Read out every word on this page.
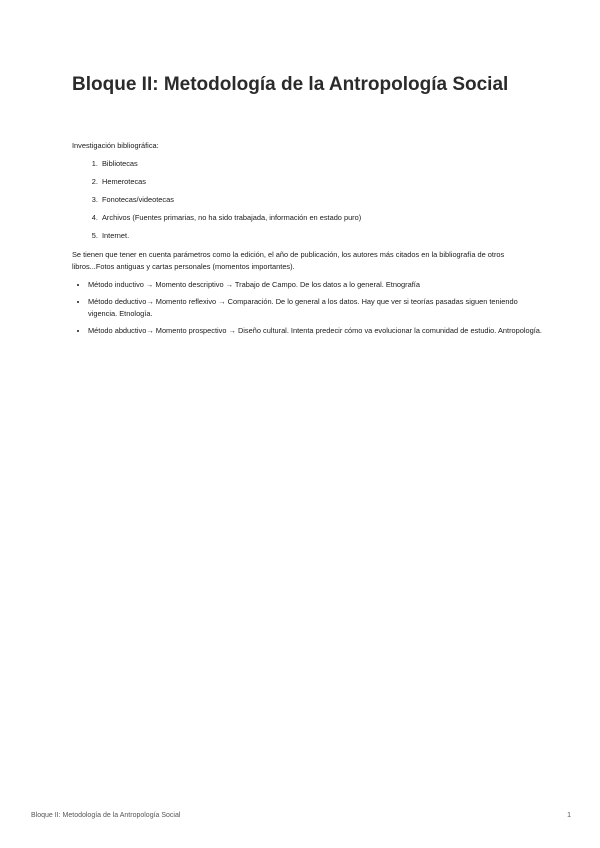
Bloque II: Metodología de la Antropología Social

Investigación bibliográfica:

1. Bibliotecas
2. Hemerotecas
3. Fonotecas/videotecas
4. Archivos (Fuentes primarias, no ha sido trabajada, información en estado puro)
5. Internet.

Se tienen que tener en cuenta parámetros como la edición, el año de publicación, los autores más citados en la bibliografía de otros libros...Fotos antiguas y cartas personales (momentos importantes).

• Método inductivo → Momento descriptivo → Trabajo de Campo. De los datos a lo general. Etnografía
• Método deductivo→ Momento reflexivo → Comparación. De lo general a los datos. Hay que ver si teorías pasadas siguen teniendo vigencia. Etnología.
• Método abductivo→ Momento prospectivo → Diseño cultural. Intenta predecir cómo va evolucionar la comunidad de estudio. Antropología.
Bloque II: Metodología de la Antropología Social	1
